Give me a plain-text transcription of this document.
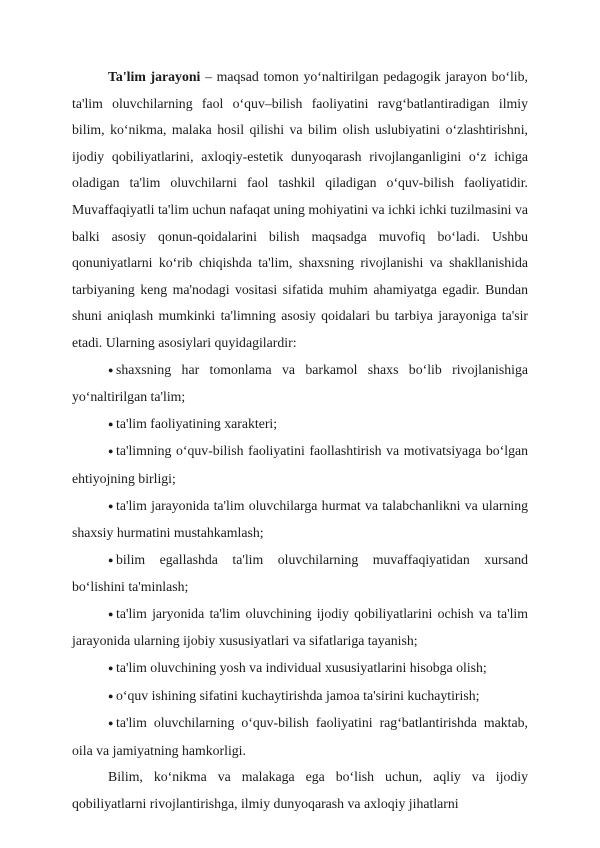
Ta'lim jarayoni – maqsad tomon yo‘naltirilgan pedagogik jarayon bo‘lib, ta'lim oluvchilarning faol o‘quv–bilish faoliyatini ravg‘batlantiradigan ilmiy bilim, ko‘nikma, malaka hosil qilishi va bilim olish uslubiyatini o‘zlashtirishni, ijodiy qobiliyatlarini, axloqiy-estetik dunyoqarash rivojlanganligini o‘z ichiga oladigan ta'lim oluvchilarni faol tashkil qiladigan o‘quv-bilish faoliyatidir. Muvaffaqiyatli ta'lim uchun nafaqat uning mohiyatini va ichki ichki tuzilmasini va balki asosiy qonun-qoidalarini bilish maqsadga muvofiq bo‘ladi. Ushbu qonuniyatlarni ko‘rib chiqishda ta'lim, shaxsning rivojlanishi va shakllanishida tarbiyaning keng ma'nodagi vositasi sifatida muhim ahamiyatga egadir. Bundan shuni aniqlash mumkinki ta'limning asosiy qoidalari bu tarbiya jarayoniga ta'sir etadi. Ularning asosiylari quyidagilardir:

●shaxsning har tomonlama va barkamol shaxs bo‘lib rivojlanishiga yo‘naltirilgan ta'lim;
●ta'lim faoliyatining xarakteri;
●ta'limning o‘quv-bilish faoliyatini faollashtirish va motivatsiyaga bo‘lgan ehtiyojning birligi;
●ta'lim jarayonida ta'lim oluvchilarga hurmat va talabchanlikni va ularning shaxsiy hurmatini mustahkamlash;
●bilim egallashda ta'lim oluvchilarning muvaffaqiyatidan xursand bo‘lishini ta'minlash;
●ta'lim jaryonida ta'lim oluvchining ijodiy qobiliyatlarini ochish va ta'lim jarayonida ularning ijobiy xususiyatlari va sifatlariga tayanish;
●ta'lim oluvchining yosh va individual xususiyatlarini hisobga olish;
●o‘quv ishining sifatini kuchaytirishda jamoa ta'sirini kuchaytirish;
●ta'lim oluvchilarning o‘quv-bilish faoliyatini rag‘batlantirishda maktab, oila va jamiyatning hamkorligi.

Bilim, ko‘nikma va malakaga ega bo‘lish uchun, aqliy va ijodiy qobiliyatlarni rivojlantirishga, ilmiy dunyoqarash va axloqiy jihatlarni
